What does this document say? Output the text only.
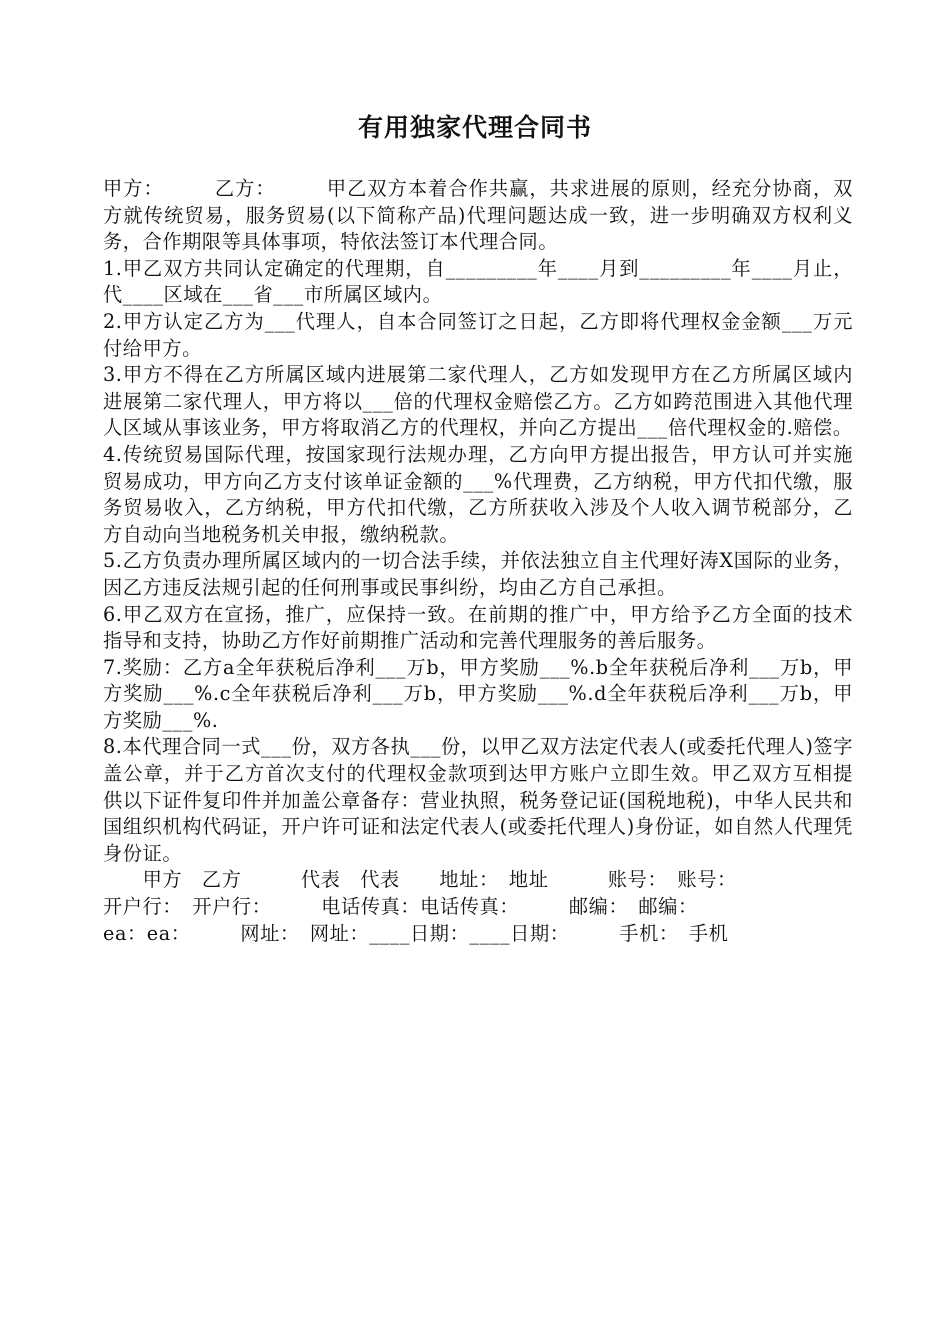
有用独家代理合同书

甲方：　　　乙方：　　　甲乙双方本着合作共赢，共求进展的原则，经充分协商，双方就传统贸易，服务贸易(以下简称产品)代理问题达成一致，进一步明确双方权利义务，合作期限等具体事项，特依法签订本代理合同。

1.甲乙双方共同认定确定的代理期，自_________年____月到_________年____月止，代____区域在___省___市所属区域内。

2.甲方认定乙方为___代理人，自本合同签订之日起，乙方即将代理权金金额___万元付给甲方。

3.甲方不得在乙方所属区域内进展第二家代理人，乙方如发现甲方在乙方所属区域内进展第二家代理人，甲方将以___倍的代理权金赔偿乙方。乙方如跨范围进入其他代理人区域从事该业务，甲方将取消乙方的代理权，并向乙方提出___倍代理权金的.赔偿。

4.传统贸易国际代理，按国家现行法规办理，乙方向甲方提出报告，甲方认可并实施贸易成功，甲方向乙方支付该单证金额的___%代理费，乙方纳税，甲方代扣代缴，服务贸易收入，乙方纳税，甲方代扣代缴，乙方所获收入涉及个人收入调节税部分，乙方自动向当地税务机关申报，缴纳税款。

5.乙方负责办理所属区域内的一切合法手续，并依法独立自主代理好涛X国际的业务，因乙方违反法规引起的任何刑事或民事纠纷，均由乙方自己承担。

6.甲乙双方在宣扬，推广，应保持一致。在前期的推广中，甲方给予乙方全面的技术指导和支持，协助乙方作好前期推广活动和完善代理服务的善后服务。

7.奖励：乙方a全年获税后净利___万b，甲方奖励___%.b全年获税后净利___万b，甲方奖励___%.c全年获税后净利___万b，甲方奖励___%.d全年获税后净利___万b，甲方奖励___%.

8.本代理合同一式___份，双方各执___份，以甲乙双方法定代表人(或委托代理人)签字盖公章，并于乙方首次支付的代理权金款项到达甲方账户立即生效。甲乙双方互相提供以下证件复印件并加盖公章备存：营业执照，税务登记证(国税地税)，中华人民共和国组织机构代码证，开户许可证和法定代表人(或委托代理人)身份证，如自然人代理凭身份证。

　　甲方　乙方　　　代表　代表　　地址：　地址　　　账号：　账号：

开户行：　开户行：　　　电话传真：电话传真：　　　邮编：　邮编：

ea：ea：　　　网址：　网址：____日期：____日期：　　　手机：　手机
